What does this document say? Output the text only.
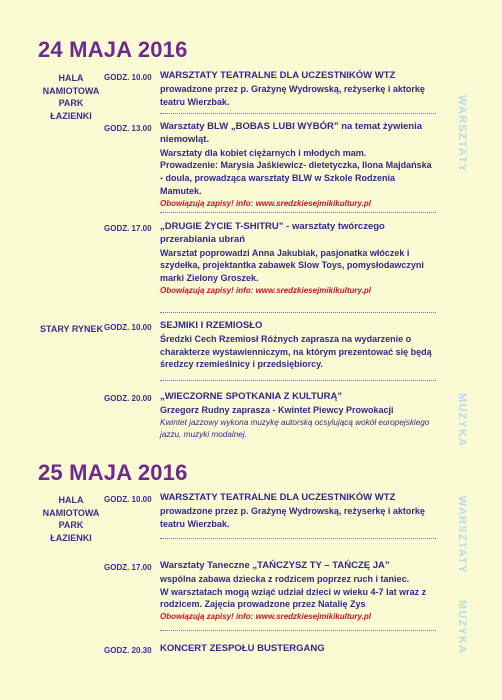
24 MAJA 2016
HALA NAMIOTOWA PARK ŁAZIENKI
GODZ. 10.00 WARSZTATY TEATRALNE DLA UCZESTNIKÓW WTZ
prowadzone przez p. Grażynę Wydrowską, reżyserkę i aktorkę teatru Wierzbak.
GODZ. 13.00 Warsztaty BLW „BOBAS LUBI WYBÓR” na temat żywienia niemowląt.
Warsztaty dla kobiet ciężarnych i młodych mam.
Prowadzenie: Marysia Jaśkiewicz- dietetyczka, Ilona Majdańska - doula, prowadząca warsztaty BLW w Szkole Rodzenia Mamutek.
Obowiązują zapisy! info: www.sredzkiesejmikikultury.pl
GODZ. 17.00 „DRUGIE ŻYCIE T-SHITRU” - warsztaty twórczego przerabiania ubrań
Warsztat poprowadzi Anna Jakubiak, pasjonatka włóczek i szydełka, projektantka zabawek Slow Toys, pomysłodawczyni marki Zielony Groszek.
Obowiązują zapisy! info: www.sredzkiesejmikikultury.pl
STARY RYNEK GODZ. 10.00 SEJMIKI I RZEMIOSŁO
Średzki Cech Rzemiosł Różnych zaprasza na wydarzenie o charakterze wystawienniczym, na którym prezentować się będą średzcy rzemieślnicy i przedsiębiorcy.
GODZ. 20.00 „WIECZORNE SPOTKANIA Z KULTURĄ”
Grzegorz Rudny zaprasza - Kwintet Piewcy Prowokacji
Kwintet jazzowy wykona muzykę autorską ocsylującą wokół europejskiego jazzu, muzyki modalnej.
WARSZTATY
MUZYKA
25 MAJA 2016
HALA NAMIOTOWA PARK ŁAZIENKI
GODZ. 10.00 WARSZTATY TEATRALNE DLA UCZESTNIKÓW WTZ
prowadzone przez p. Grażynę Wydrowską, reżyserkę i aktorkę teatru Wierzbak.
GODZ. 17.00 Warsztaty Taneczne „TAŃCZYSZ TY – TAŃCZĘ JA”
wspólna zabawa dziecka z rodzicem poprzez ruch i taniec.
W warsztatach mogą wziąć udział dzieci w wieku 4-7 lat wraz z rodzicem. Zajęcia prowadzone przez Natalię Zys
Obowiązują zapisy! info: www.sredzkiesejmikikultury.pl
GODZ. 20.30 KONCERT ZESPOŁU BUSTERGANG
WARSZTATY
MUZYKA
